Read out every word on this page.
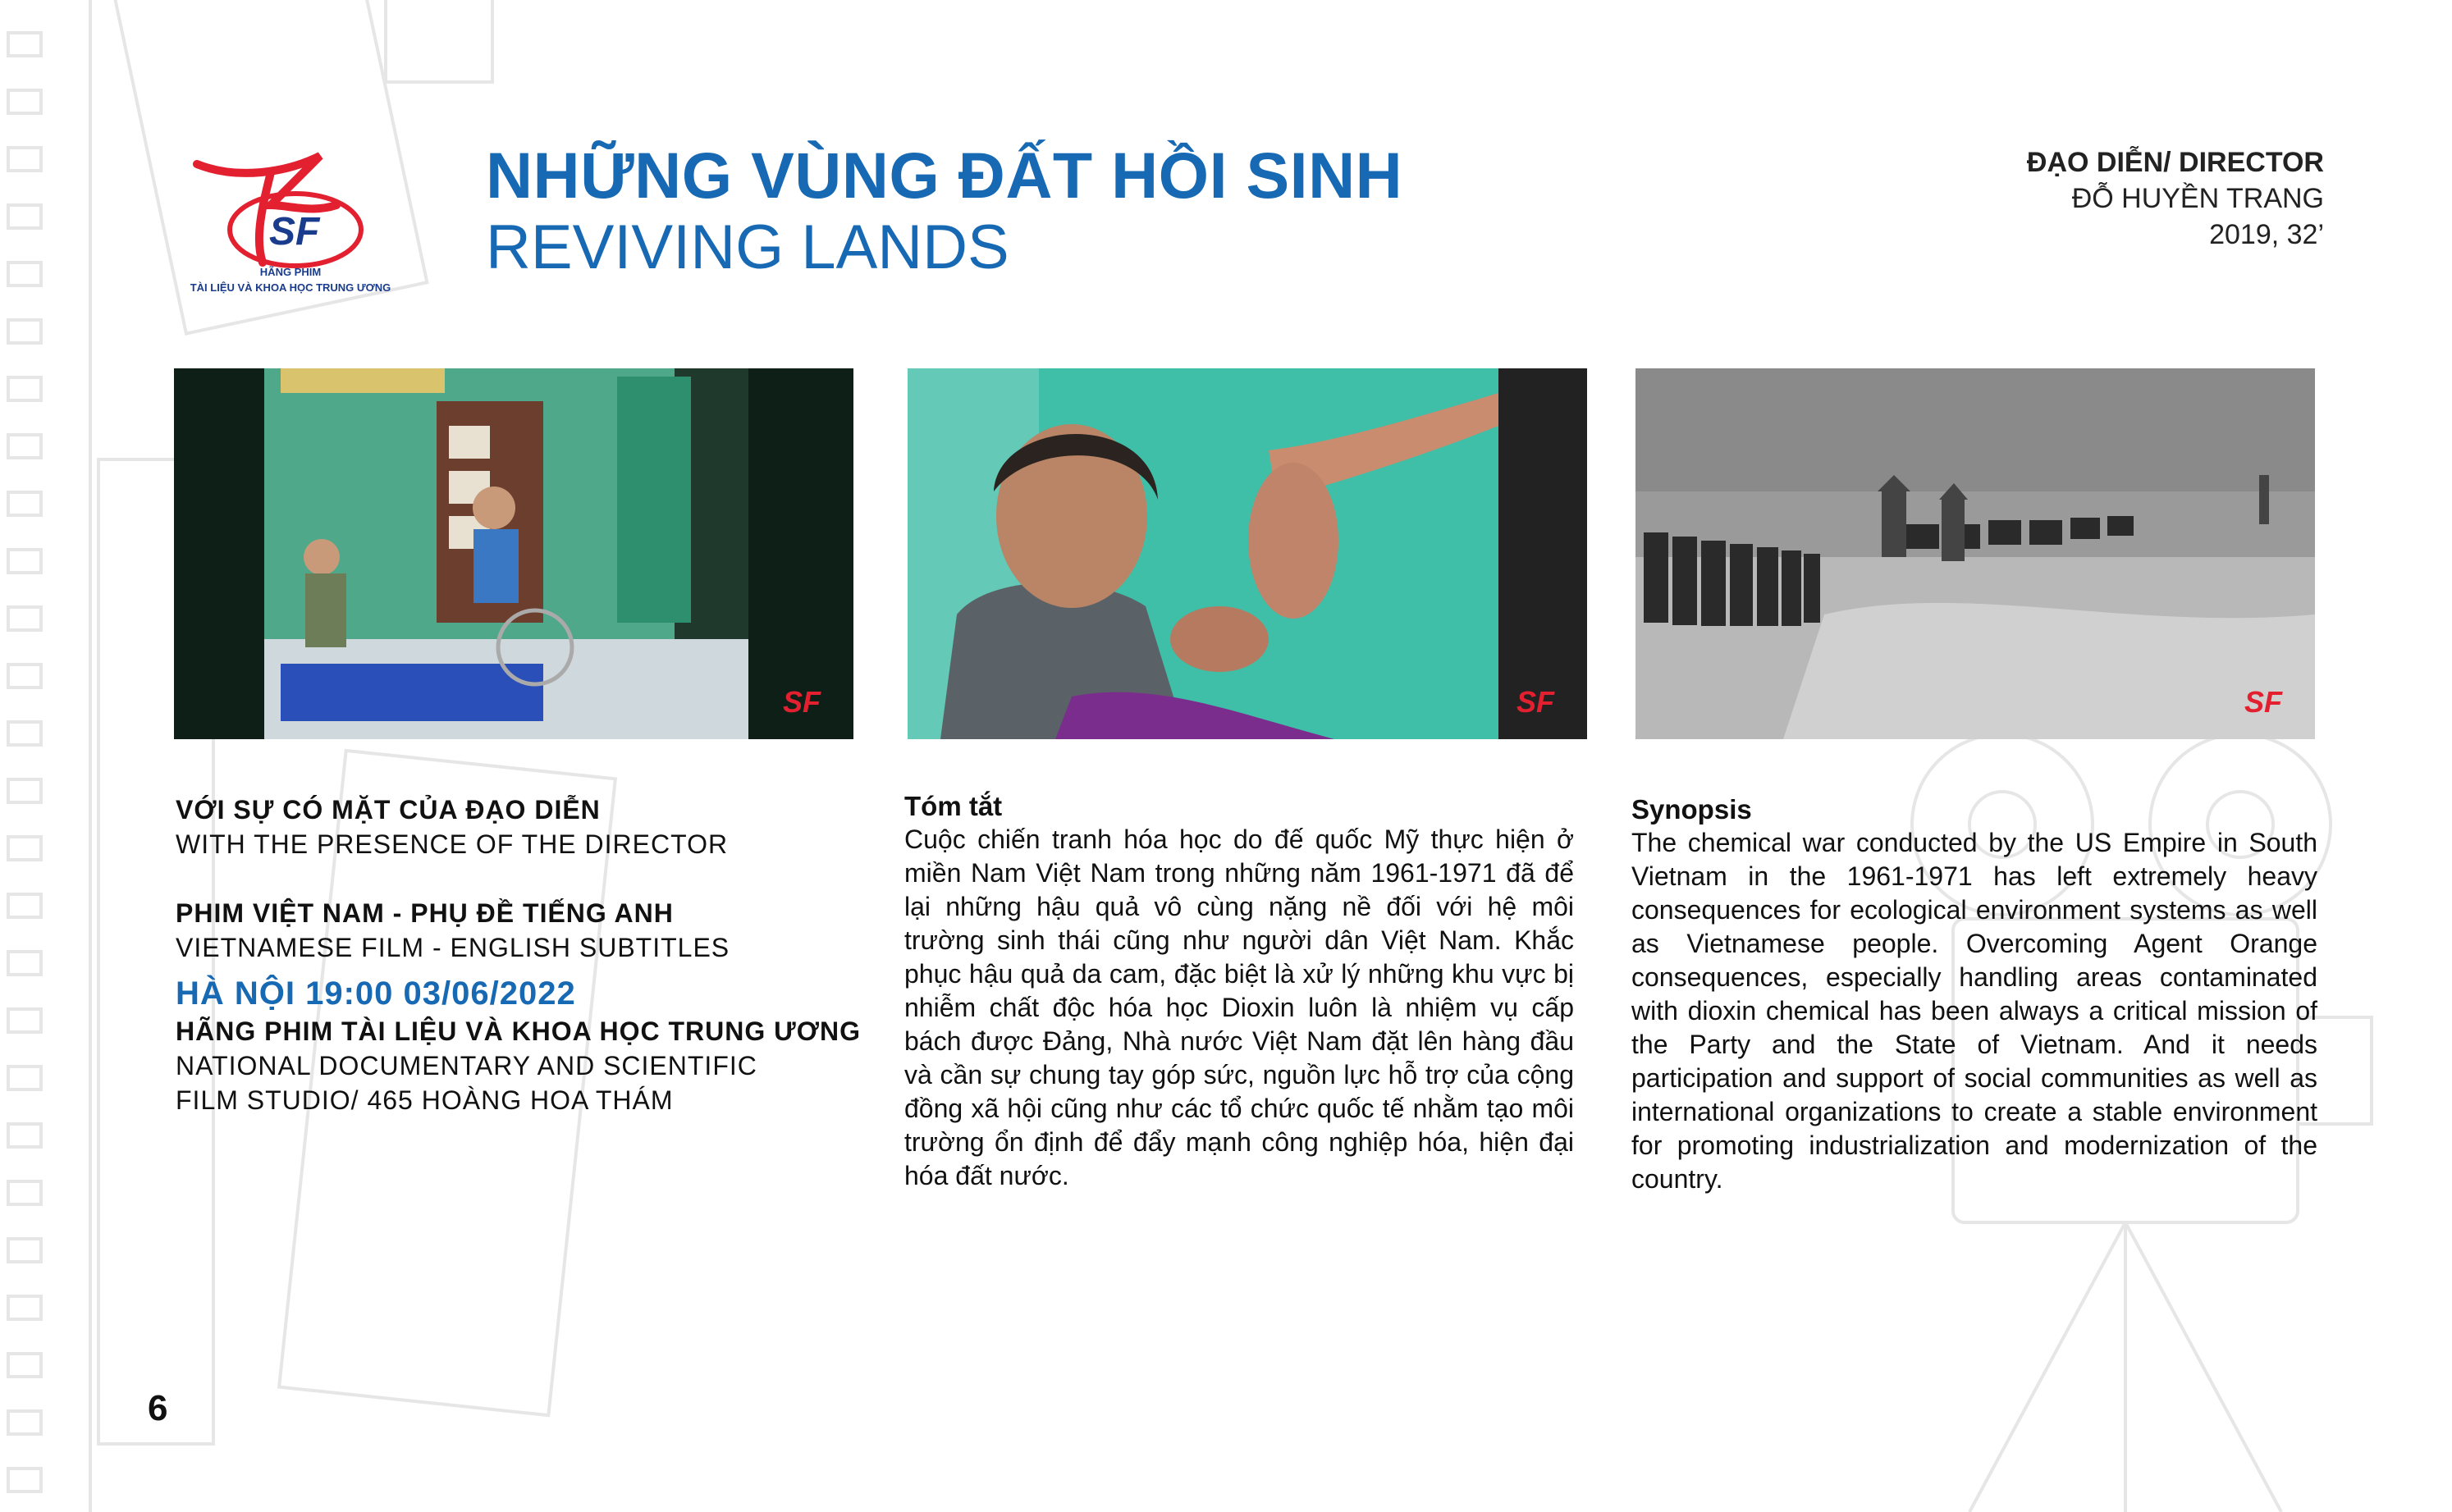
SF
HÃNG PHIM
TÀI LIỆU VÀ KHOA HỌC TRUNG ƯƠNG
NHỮNG VÙNG ĐẤT HỒI SINH
REVIVING LANDS
ĐẠO DIỄN/ DIRECTOR
ĐỖ HUYỀN TRANG
2019, 32’
SF	SF	SF
VỚI SỰ CÓ MẶT CỦA ĐẠO DIỄN
WITH THE PRESENCE OF THE DIRECTOR
PHIM VIỆT NAM - PHỤ ĐỀ TIẾNG ANH
VIETNAMESE FILM - ENGLISH SUBTITLES
HÀ NỘI 19:00 03/06/2022
HÃNG PHIM TÀI LIỆU VÀ KHOA HỌC TRUNG ƯƠNG
NATIONAL DOCUMENTARY AND SCIENTIFIC
FILM STUDIO/ 465 HOÀNG HOA THÁM
Tóm tắt
Cuộc chiến tranh hóa học do đế quốc Mỹ thực hiện ở miền Nam Việt Nam trong những năm 1961-1971 đã để lại những hậu quả vô cùng nặng nề đối với hệ môi trường sinh thái cũng như người dân Việt Nam. Khắc phục hậu quả da cam, đặc biệt là xử lý những khu vực bị nhiễm chất độc hóa học Dioxin luôn là nhiệm vụ cấp bách được Đảng, Nhà nước Việt Nam đặt lên hàng đầu và cần sự chung tay góp sức, nguồn lực hỗ trợ của cộng đồng xã hội cũng như các tổ chức quốc tế nhằm tạo môi trường ổn định để đẩy mạnh công nghiệp hóa, hiện đại hóa đất nước.
Synopsis
The chemical war conducted by the US Empire in South Vietnam in the 1961-1971 has left extremely heavy consequences for ecological environment systems as well as Vietnamese people. Overcoming Agent Orange consequences, especially handling areas contaminated with dioxin chemical has been always a critical mission of the Party and the State of Vietnam. And it needs participation and support of social communities as well as international organizations to create a stable environment for promoting industrialization and modernization of the country.
6
